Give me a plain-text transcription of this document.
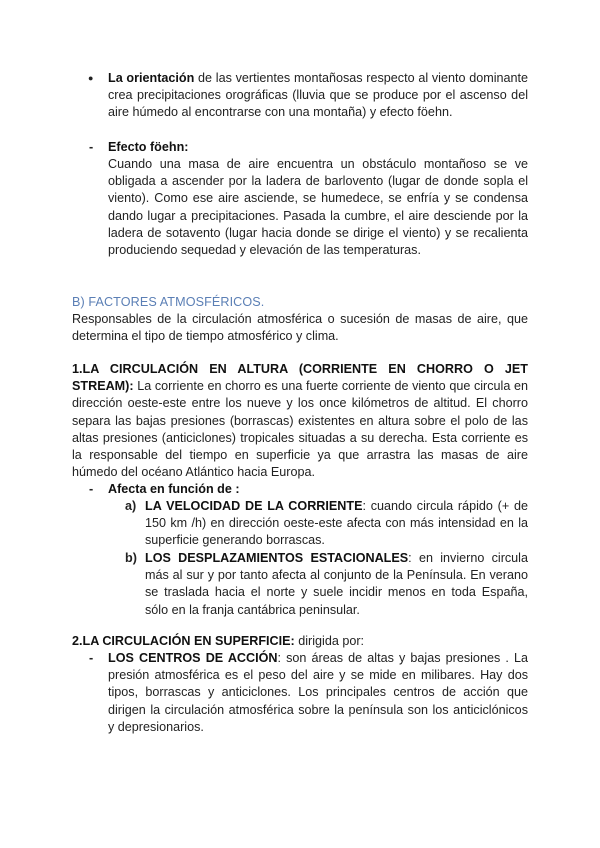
● La orientación de las vertientes montañosas respecto al viento dominante crea precipitaciones orográficas (lluvia que se produce por el ascenso del aire húmedo al encontrarse con una montaña) y efecto föehn.
- Efecto föehn:
Cuando una masa de aire encuentra un obstáculo montañoso se ve obligada a ascender por la ladera de barlovento (lugar de donde sopla el viento). Como ese aire asciende, se humedece, se enfría y se condensa dando lugar a precipitaciones. Pasada la cumbre, el aire desciende por la ladera de sotavento (lugar hacia donde se dirige el viento) y se recalienta produciendo sequedad y elevación de las temperaturas.
B) FACTORES ATMOSFÉRICOS.
Responsables de la circulación atmosférica o sucesión de masas de aire, que determina el tipo de tiempo atmosférico y clima.
1.LA CIRCULACIÓN EN ALTURA (CORRIENTE EN CHORRO O JET STREAM): La corriente en chorro es una fuerte corriente de viento que circula en dirección oeste-este entre los nueve y los once kilómetros de altitud. El chorro separa las bajas presiones (borrascas) existentes en altura sobre el polo de las altas presiones (anticiclones) tropicales situadas a su derecha. Esta corriente es la responsable del tiempo en superficie ya que arrastra las masas de aire húmedo del océano Atlántico hacia Europa.
- Afecta en función de :
a) LA VELOCIDAD DE LA CORRIENTE: cuando circula rápido (+ de 150 km /h) en dirección oeste-este afecta con más intensidad en la superficie generando borrascas.
b) LOS DESPLAZAMIENTOS ESTACIONALES: en invierno circula más al sur y por tanto afecta al conjunto de la Península. En verano se traslada hacia el norte y suele incidir menos en toda España, sólo en la franja cantábrica peninsular.
2.LA CIRCULACIÓN EN SUPERFICIE: dirigida por:
- LOS CENTROS DE ACCIÓN: son áreas de altas y bajas presiones . La presión atmosférica es el peso del aire y se mide en milibares. Hay dos tipos, borrascas y anticiclones. Los principales centros de acción que dirigen la circulación atmosférica sobre la península son los anticiclónicos y depresionarios.
